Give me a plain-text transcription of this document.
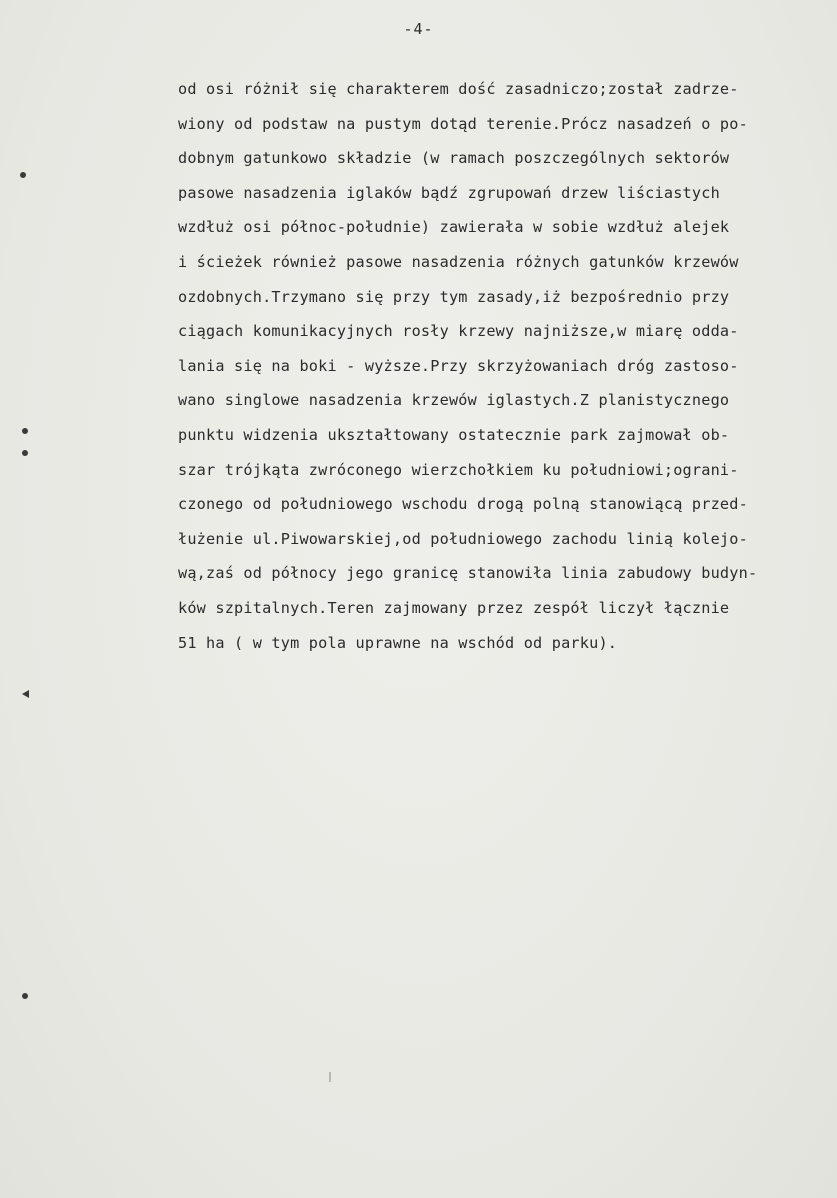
-4-
od osi różnił się charakterem dość zasadniczo;został zadrze-
wiony od podstaw na pustym dotąd terenie.Prócz nasadzeń o po-
dobnym gatunkowo składzie (w ramach poszczególnych sektorów
pasowe nasadzenia iglaków bądź zgrupowań drzew liściastych
wzdłuż osi północ-południe) zawierała w sobie wzdłuż alejek
i ścieżek również pasowe nasadzenia różnych gatunków krzewów
ozdobnych.Trzymano się przy tym zasady,iż bezpośrednio przy
ciągach komunikacyjnych rosły krzewy najniższe,w miarę odda-
lania się na boki - wyższe.Przy skrzyżowaniach dróg zastoso-
wano singlowe nasadzenia krzewów iglastych.Z planistycznego
punktu widzenia ukształtowany ostatecznie park zajmował ob-
szar trójkąta zwróconego wierzchołkiem ku południowi;ograni-
czonego od południowego wschodu drogą polną stanowiącą przed-
łużenie ul.Piwowarskiej,od południowego zachodu linią kolejo-
wą,zaś od północy jego granicę stanowiła linia zabudowy budyn-
ków szpitalnych.Teren zajmowany przez zespół liczył łącznie
51 ha ( w tym pola uprawne na wschód od parku).
